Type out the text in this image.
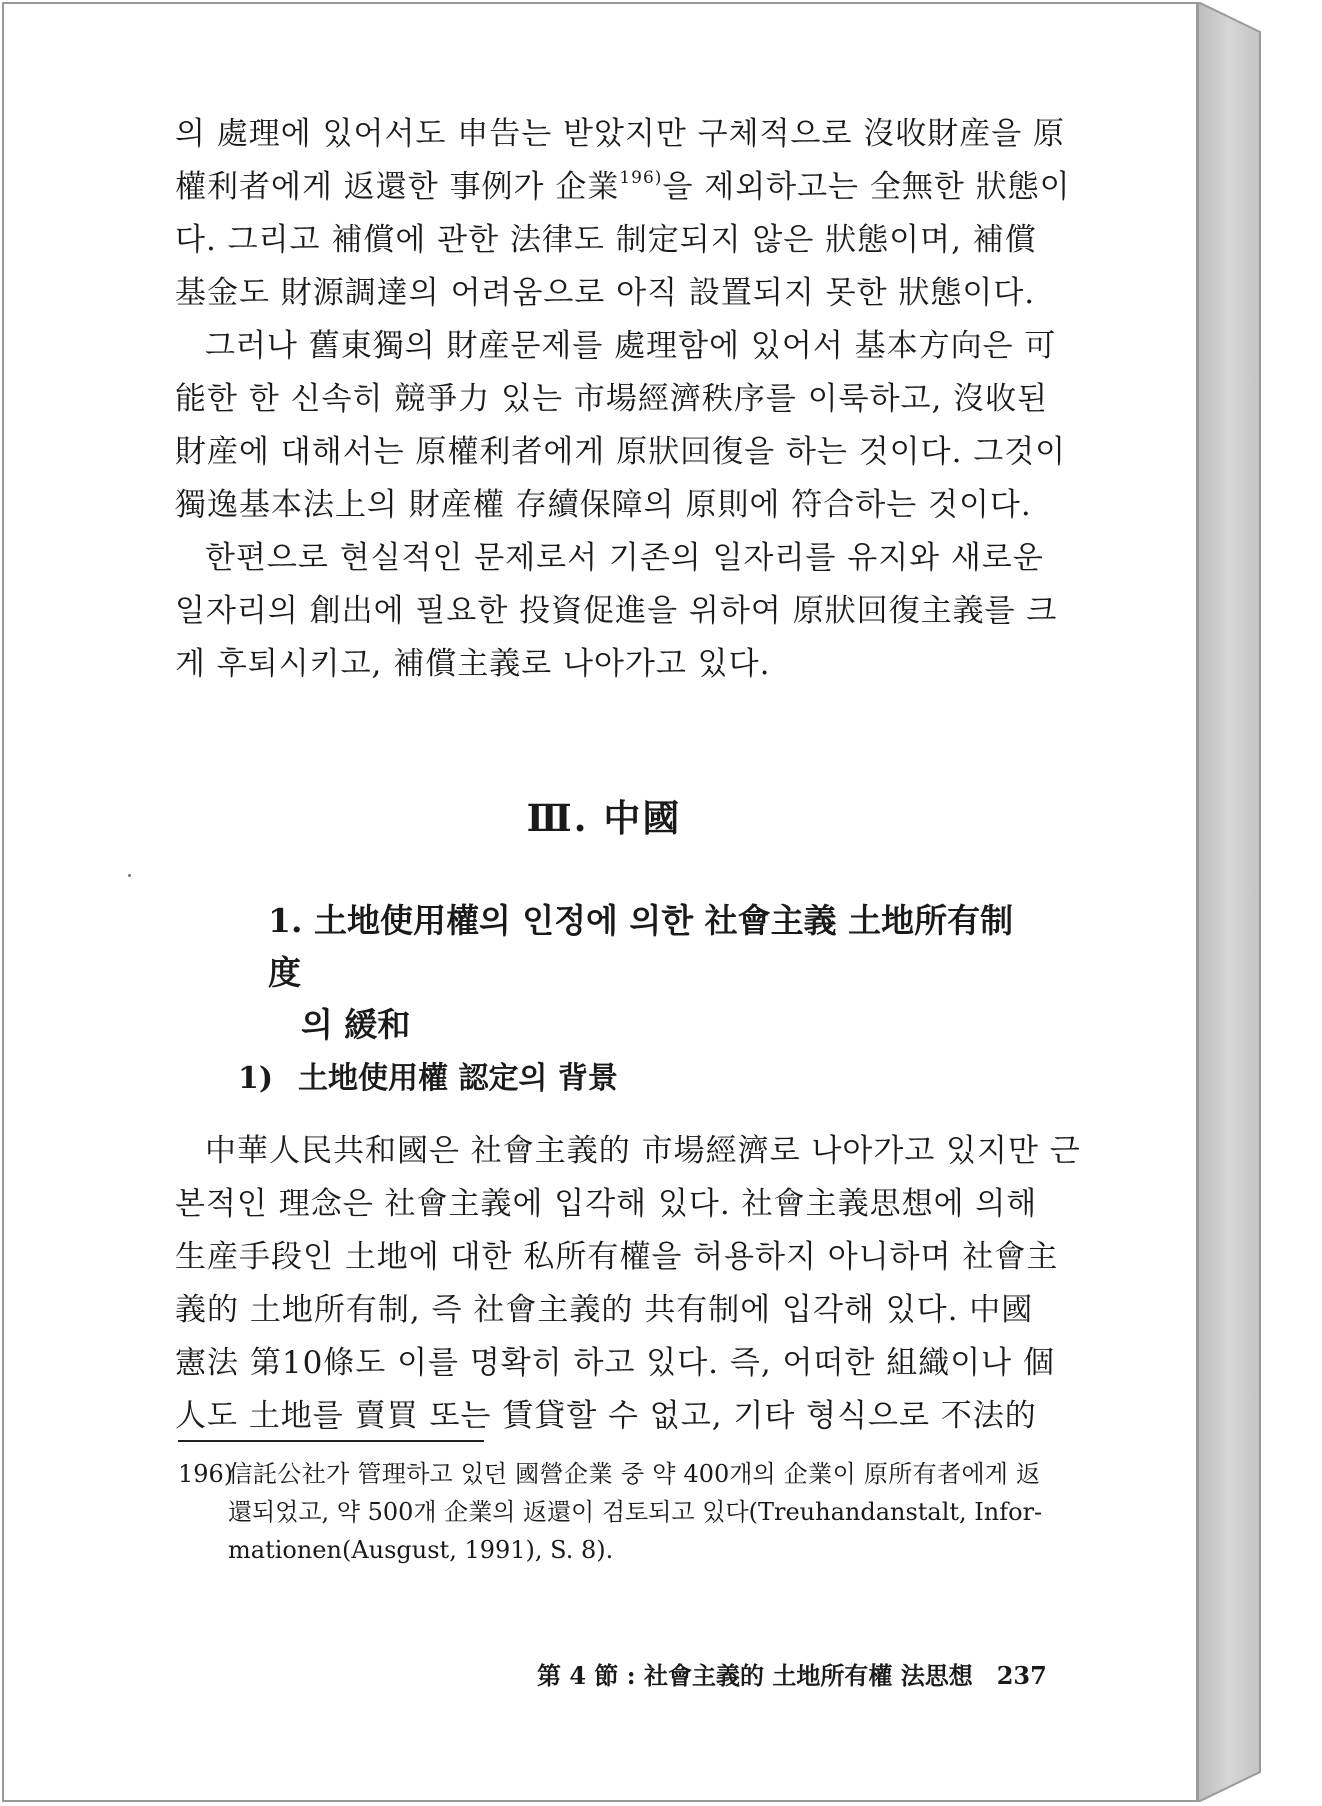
의 處理에 있어서도 申告는 받았지만 구체적으로 沒收財産을 原
權利者에게 返還한 事例가 企業$^{196)}$을 제외하고는 全無한 狀態이
다. 그리고 補償에 관한 法律도 制定되지 않은 狀態이며, 補償
基金도 財源調達의 어려움으로 아직 設置되지 못한 狀態이다.

그러나 舊東獨의 財産문제를 處理함에 있어서 基本方向은 可
能한 한 신속히 競爭力 있는 市場經濟秩序를 이룩하고, 沒收된
財産에 대해서는 原權利者에게 原狀回復을 하는 것이다. 그것이
獨逸基本法上의 財産權 存續保障의 原則에 符合하는 것이다.

한편으로 현실적인 문제로서 기존의 일자리를 유지와 새로운
일자리의 創出에 필요한 投資促進을 위하여 原狀回復主義를 크
게 후퇴시키고, 補償主義로 나아가고 있다.

Ⅲ. 中國
1. 土地使用權의 인정에 의한 社會主義 土地所有制度
의 緩和
1) 土地使用權 認定의 背景

中華人民共和國은 社會主義的 市場經濟로 나아가고 있지만 근
본적인 理念은 社會主義에 입각해 있다. 社會主義思想에 의해
生産手段인 土地에 대한 私所有權을 허용하지 아니하며 社會主
義的 土地所有制, 즉 社會主義的 共有制에 입각해 있다. 中國
憲法 第10條도 이를 명확히 하고 있다. 즉, 어떠한 組織이나 個
人도 土地를 賣買 또는 賃貸할 수 없고, 기타 형식으로 不法的

196)信託公社가 管理하고 있던 國營企業 중 약 400개의 企業이 原所有者에게 返
還되었고, 약 500개 企業의 返還이 검토되고 있다(Treuhandanstalt, Infor-
mationen(Ausgust, 1991), S. 8).
第 4 節 : 社會主義的 土地所有權 法思想 237
